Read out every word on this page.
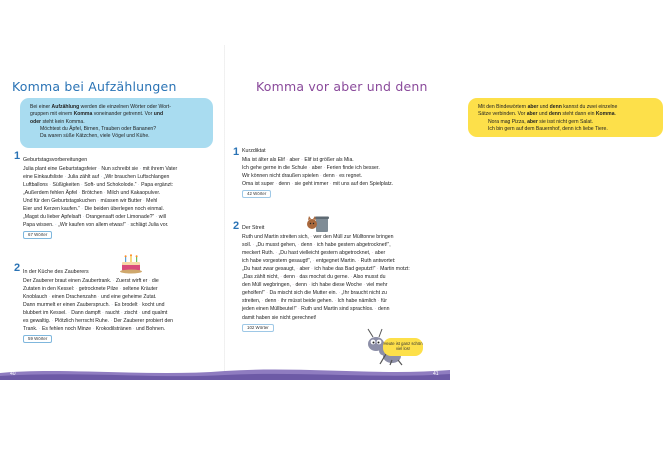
Komma bei Aufzählungen
Bei einer Aufzählung werden die einzelnen Wörter oder Wort-
gruppen mit einem Komma voneinander getrennt. Vor und
oder steht kein Komma.
Möchtest du Äpfel, Birnen, Trauben oder Bananen?
Da waren süße Kätzchen, viele Vögel und Kühe.
1 Geburtstagsvorbereitungen
Julia plant eine Geburtstagsfeier · Nun schreibt sie · mit ihrem Vater
eine Einkaufsliste · Julia zählt auf · „Wir brauchen Luftschlangen
Luftballons · Süßigkeiten · Soft- und Schokolode.“ · Papa ergänzt:
„Außerdem fehlen Äpfel · Brötchen · Milch und Kakaopulver.
Und für den Geburtstagskuchen · müssen wir Butter · Mehl
Eier und Kerzen kaufen.“ · Die beiden überlegen noch einmal.
„Magst du lieber Apfelsaft · Orangensaft oder Limonade?“ · will
Papa wissen. · „Wir kaufen von allem etwas!“ · schlägt Julia vor.
67 Wörter
2 In der Küche des Zauberers
Der Zauberer braut einen Zaubertrank. · Zuerst wirft er · die
Zutaten in den Kessel: · getrocknete Pilze · seltene Kräuter
Knoblauch · einen Drachenzahn · und eine geheime Zutat.
Dann murmelt er einen Zauberspruch. · Es brodelt · kocht und
blubbert im Kessel. · Dann dampft · raucht · zischt · und qualmt
es gewaltig. · Plötzlich herrscht Ruhe. · Der Zauberer probiert den
Trank. · Es fehlen noch Minze · Krokodilstränen · und Bohnen.
59 Wörter
Komma vor aber und denn
Mit den Bindewörtern aber und denn kannst du zwei einzelne
Sätze verbinden. Vor aber und denn steht dann ein Komma.
Nora mag Pizza, aber sie isst nicht gern Salat.
Ich bin gern auf dem Bauernhof, denn ich liebe Tiere.
1 Kurzdiktat
Mia ist älter als Elif · aber · Elif ist größer als Mia.
Ich gehe gerne in die Schule · aber · Ferien finde ich besser.
Wir können nicht draußen spielen · denn · es regnet.
Oma ist super · denn · sie geht immer · mit uns auf den Spielplatz.
42 Wörter
2 Der Streit
Ruth und Martin streiten sich, · wer den Müll zur Mülltonne bringen
soll. · „Du musst gehen, · denn · ich habe gestern abgetrocknet!“,
meckert Ruth. · „Du hast vielleicht gestern abgetrocknet, · aber
ich habe vorgestern gesaugt!“, · entgegnet Martin. · Ruth antwortet:
„Du hast zwar gesaugt, · aber · ich habe das Bad geputzt!“ · Martin motzt:
„Das zählt nicht, · denn · das mochst du gerne. · Also musst du
den Müll wegbringen, · denn · ich habe diese Woche · viel mehr
geholfen!“ · Da mischt sich die Mutter ein. · „Ihr braucht nicht zu
streiten, · denn · ihr müsst beide gehen. · Ich habe nämlich · für
jeden einen Müllbeutel!“ · Ruth und Martin sind sprachlos. · denn
damit haben sie nicht gerechnet!
102 Wörter
Heute ist ganz schön viel los!
40	41
